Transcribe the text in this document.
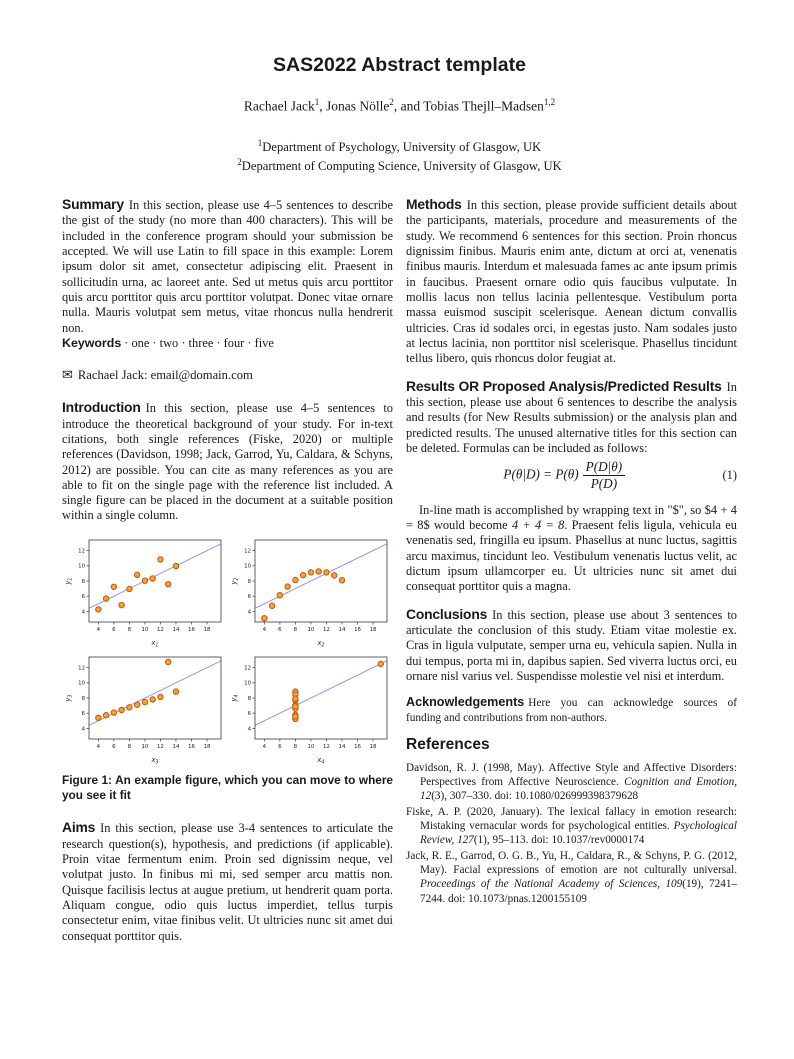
SAS2022 Abstract template
Rachael Jack$^1$, Jonas Nölle$^2$, and Tobias Thejll–Madsen$^{1,2}$
$^1$Department of Psychology, University of Glasgow, UK
$^2$Department of Computing Science, University of Glasgow, UK

Summary In this section, please use 4–5 sentences to describe the gist of the study (no more than 400 characters). This will be included in the conference program should your submission be accepted. We will use Latin to fill space in this example: Lorem ipsum dolor sit amet, consectetur adipiscing elit. Praesent in sollicitudin urna, ac laoreet ante. Sed ut metus quis arcu porttitor quis arcu porttitor quis arcu porttitor volutpat. Donec vitae ornare nulla. Mauris volutpat sem metus, vitae rhoncus nulla hendrerit non.

Keywords · one · two · three · four · five
✉ Rachael Jack: email@domain.com

Introduction In this section, please use 4–5 sentences to introduce the theoretical background of your study. For in-text citations, both single references (Fiske, 2020) or multiple references (Davidson, 1998; Jack, Garrod, Yu, Caldara, & Schyns, 2012) are possible. You can cite as many references as you are able to fit on the single page with the reference list included. A single figure can be placed in the document at a suitable position within a single column.

4 6 8 10 12 14 16 18
4
6
8
10
12
$x_1$
$y_1$
4 6 8 10 12 14 16 18
4
6
8
10
12
$x_2$
$y_2$
4 6 8 10 12 14 16 18
4
6
8
10
12
$x_3$
$y_3$
4 6 8 10 12 14 16 18
4
6
8
10
12
$x_4$
$y_4$
Figure 1: An example figure, which you can move to where you see it fit

Aims In this section, please use 3-4 sentences to articulate the research question(s), hypothesis, and predictions (if applicable). Proin vitae fermentum enim. Proin sed dignissim neque, vel volutpat justo. In finibus mi mi, sed semper arcu mattis non. Quisque facilisis lectus at augue pretium, ut hendrerit quam porta. Aliquam congue, odio quis luctus imperdiet, tellus turpis consectetur enim, vitae finibus velit. Ut ultricies nunc sit amet dui consequat porttitor quis.

Methods In this section, please provide sufficient details about the participants, materials, procedure and measurements of the study. We recommend 6 sentences for this section. Proin rhoncus dignissim finibus. Mauris enim ante, dictum at orci at, venenatis finibus mauris. Interdum et malesuada fames ac ante ipsum primis in faucibus. Praesent ornare odio quis faucibus vulputate. In mollis lacus non tellus lacinia pellentesque. Vestibulum porta massa euismod suscipit scelerisque. Aenean dictum convallis ultricies. Cras id sodales orci, in egestas justo. Nam sodales justo at lectus lacinia, non porttitor nisl scelerisque. Phasellus tincidunt tellus libero, quis rhoncus dolor feugiat at.

Results OR Proposed Analysis/Predicted Results In this section, please use about 6 sentences to describe the analysis and results (for New Results submission) or the analysis plan and predicted results. The unused alternative titles for this section can be deleted. Formulas can be included as follows:

$P(\theta|D) = P(\theta) \frac{P(D|\theta)}{P(D)}$	(1)

In-line math is accomplished by wrapping text in "$", so $4 + 4 = 8$ would become 4 + 4 = 8. Praesent felis ligula, vehicula eu venenatis sed, fringilla eu ipsum. Phasellus at nunc luctus, sagittis arcu maximus, tincidunt leo. Vestibulum venenatis luctus velit, ac dictum ipsum ullamcorper eu. Ut ultricies nunc sit amet dui consequat porttitor quis a magna.

Conclusions In this section, please use about 3 sentences to articulate the conclusion of this study. Etiam vitae molestie ex. Cras in ligula vulputate, semper urna eu, vehicula sapien. Nulla in dui tempus, porta mi in, dapibus sapien. Sed viverra luctus orci, eu ornare nisl varius vel. Suspendisse molestie vel nisi et interdum.

Acknowledgements Here you can acknowledge sources of funding and contributions from non-authors.

References
Davidson, R. J. (1998, May). Affective Style and Affective Disorders: Perspectives from Affective Neuroscience. Cognition and Emotion, 12(3), 307–330. doi: 10.1080/026999398379628
Fiske, A. P. (2020, January). The lexical fallacy in emotion research: Mistaking vernacular words for psychological entities. Psychological Review, 127(1), 95–113. doi: 10.1037/rev0000174
Jack, R. E., Garrod, O. G. B., Yu, H., Caldara, R., & Schyns, P. G. (2012, May). Facial expressions of emotion are not culturally universal. Proceedings of the National Academy of Sciences, 109(19), 7241–7244. doi: 10.1073/pnas.1200155109
